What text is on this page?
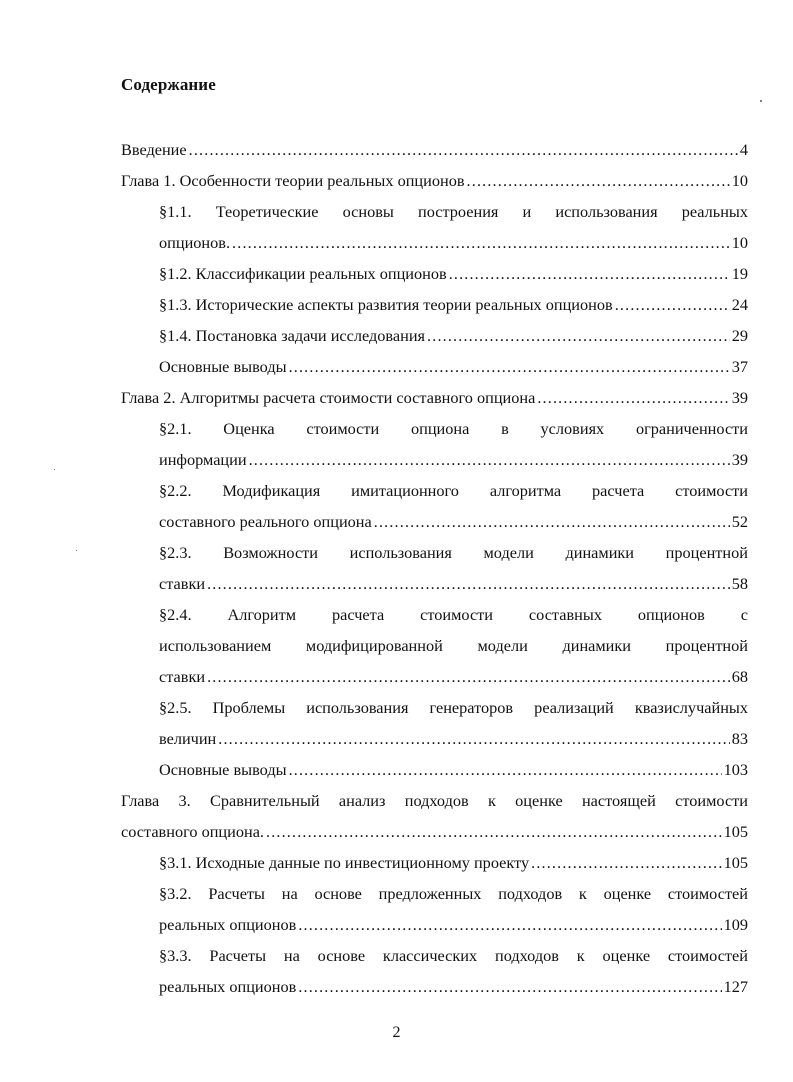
Содержание
Введение .....	4
Глава 1. Особенности теории реальных опционов .....	10
§1.1. Теоретические основы построения и использования реальных
опционов. .....	10
§1.2. Классификации реальных опционов .....	19
§1.3. Исторические аспекты развития теории реальных опционов .....	24
§1.4. Постановка задачи исследования .....	29
Основные выводы .....	37
Глава 2. Алгоритмы расчета стоимости составного опциона .....	39
§2.1. Оценка стоимости опциона в условиях ограниченности
информации .....	39
§2.2. Модификация имитационного алгоритма расчета стоимости
составного реального опциона .....	52
§2.3. Возможности использования модели динамики процентной
ставки .....	58
§2.4. Алгоритм расчета стоимости составных опционов с
использованием модифицированной модели динамики процентной
ставки .....	68
§2.5. Проблемы использования генераторов реализаций квазислучайных
величин .....	83
Основные выводы .....	103
Глава 3. Сравнительный анализ подходов к оценке настоящей стоимости
составного опциона. .....	105
§3.1. Исходные данные по инвестиционному проекту .....	105
§3.2. Расчеты на основе предложенных подходов к оценке стоимостей
реальных опционов .....	109
§3.3. Расчеты на основе классических подходов к оценке стоимостей
реальных опционов .....	127
2
